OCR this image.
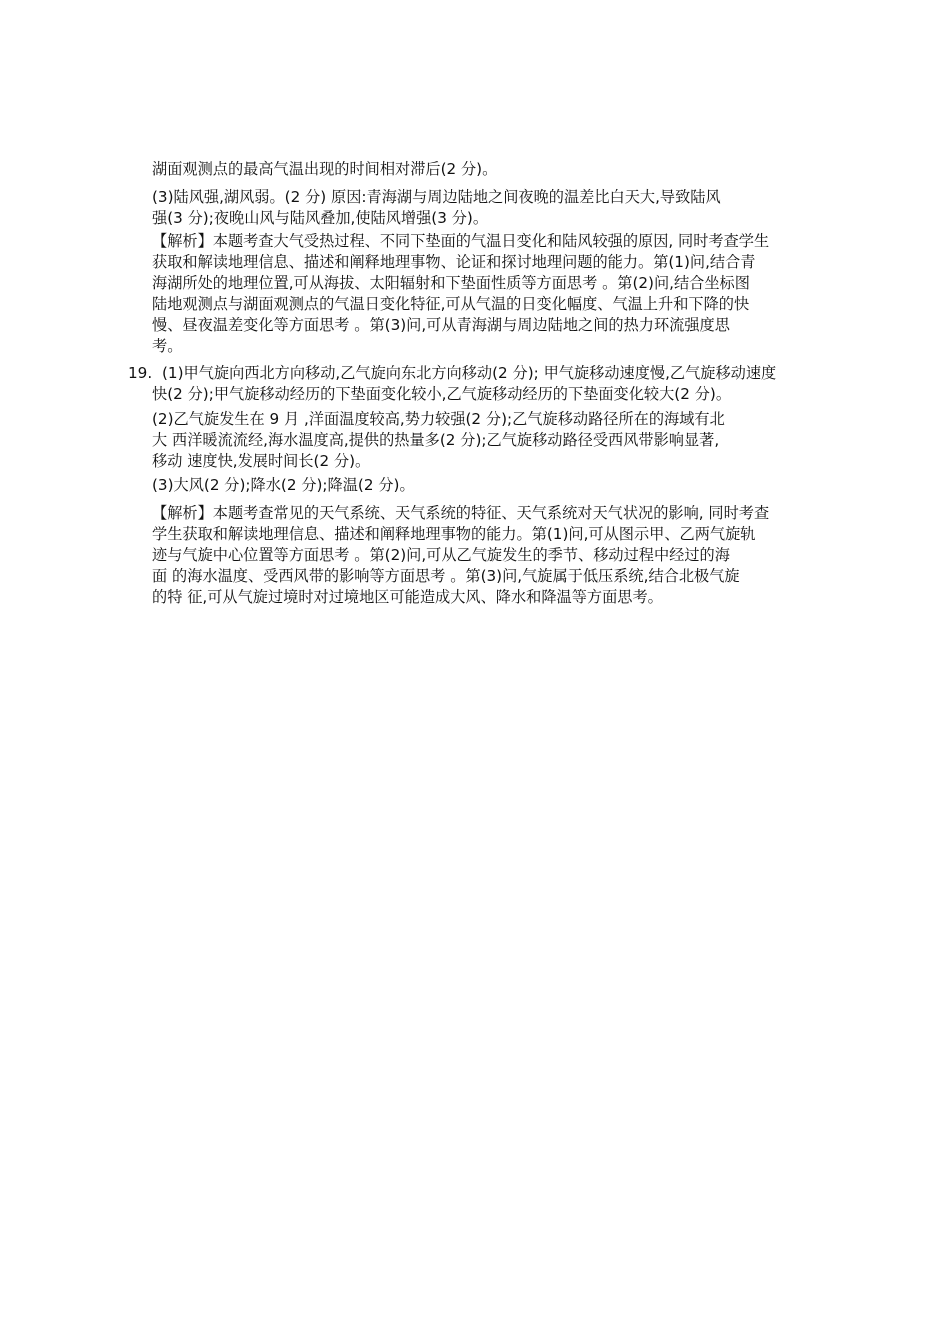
湖面观测点的最高气温出现的时间相对滞后(2 分)。
(3)陆风强,湖风弱。(2 分) 原因:青海湖与周边陆地之间夜晚的温差比白天大,导致陆风
强(3 分);夜晚山风与陆风叠加,使陆风增强(3 分)。
【解析】本题考查大气受热过程、不同下垫面的气温日变化和陆风较强的原因, 同时考查学生
获取和解读地理信息、描述和阐释地理事物、论证和探讨地理问题的能力。第(1)问,结合青
海湖所处的地理位置,可从海拔、太阳辐射和下垫面性质等方面思考 。第(2)问,结合坐标图
陆地观测点与湖面观测点的气温日变化特征,可从气温的日变化幅度、气温上升和下降的快
慢、昼夜温差变化等方面思考 。第(3)问,可从青海湖与周边陆地之间的热力环流强度思
考。
19. (1)甲气旋向西北方向移动,乙气旋向东北方向移动(2 分); 甲气旋移动速度慢,乙气旋移动速度
快(2 分);甲气旋移动经历的下垫面变化较小,乙气旋移动经历的下垫面变化较大(2 分)。
(2)乙气旋发生在 9 月 ,洋面温度较高,势力较强(2 分);乙气旋移动路径所在的海域有北
大 西洋暖流流经,海水温度高,提供的热量多(2 分);乙气旋移动路径受西风带影响显著,
移动 速度快,发展时间长(2 分)。
(3)大风(2 分);降水(2 分);降温(2 分)。
【解析】本题考查常见的天气系统、天气系统的特征、天气系统对天气状况的影响, 同时考查
学生获取和解读地理信息、描述和阐释地理事物的能力。第(1)问,可从图示甲、乙两气旋轨
迹与气旋中心位置等方面思考 。第(2)问,可从乙气旋发生的季节、移动过程中经过的海
面 的海水温度、受西风带的影响等方面思考 。第(3)问,气旋属于低压系统,结合北极气旋
的特 征,可从气旋过境时对过境地区可能造成大风、降水和降温等方面思考。
